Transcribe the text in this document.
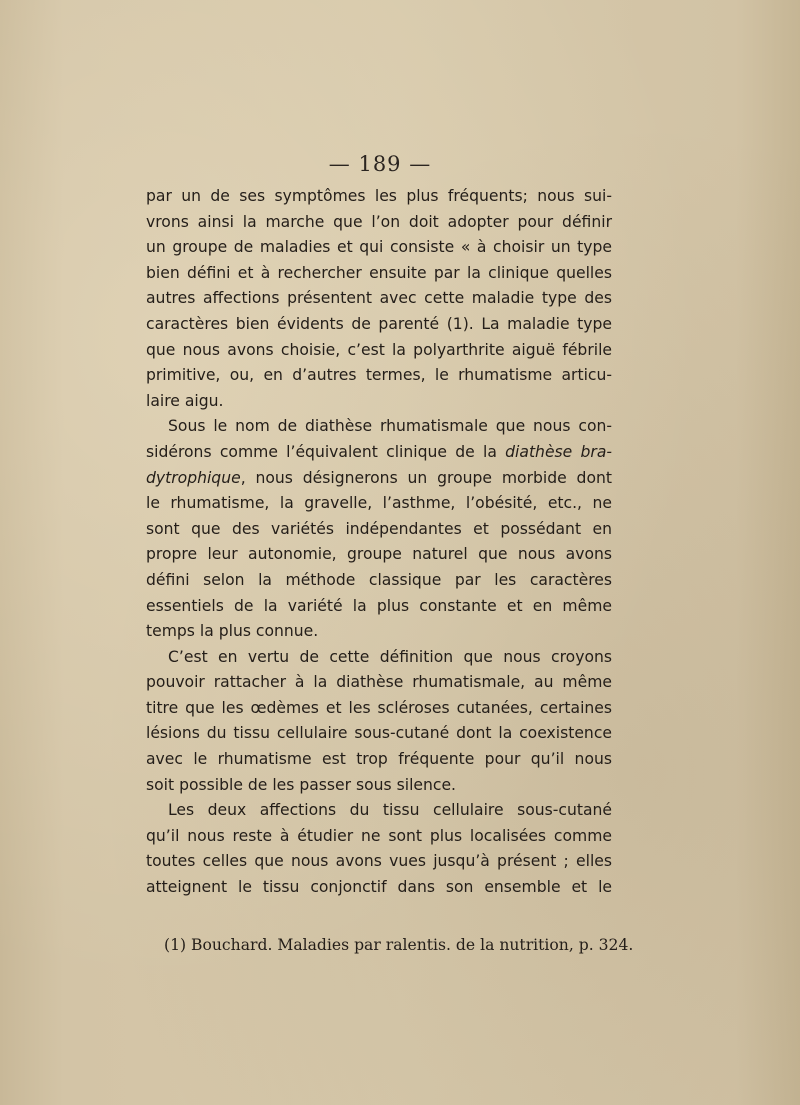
— 189 —
par un de ses symptômes les plus fréquents; nous sui-
vrons ainsi la marche que l’on doit adopter pour définir
un groupe de maladies et qui consiste « à choisir un type
bien défini et à rechercher ensuite par la clinique quelles
autres affections présentent avec cette maladie type des
caractères bien évidents de parenté (1). La maladie type
que nous avons choisie, c’est la polyarthrite aiguë fébrile
primitive, ou, en d’autres termes, le rhumatisme articu-
laire aigu.
Sous le nom de diathèse rhumatismale que nous con-
sidérons comme l’équivalent clinique de la diathèse bra-
dytrophique, nous désignerons un groupe morbide dont
le rhumatisme, la gravelle, l’asthme, l’obésité, etc., ne
sont que des variétés indépendantes et possédant en
propre leur autonomie, groupe naturel que nous avons
défini selon la méthode classique par les caractères
essentiels de la variété la plus constante et en même
temps la plus connue.
C’est en vertu de cette définition que nous croyons
pouvoir rattacher à la diathèse rhumatismale, au même
titre que les œdèmes et les scléroses cutanées, certaines
lésions du tissu cellulaire sous-cutané dont la coexistence
avec le rhumatisme est trop fréquente pour qu’il nous
soit possible de les passer sous silence.
Les deux affections du tissu cellulaire sous-cutané
qu’il nous reste à étudier ne sont plus localisées comme
toutes celles que nous avons vues jusqu’à présent ; elles
atteignent le tissu conjonctif dans son ensemble et le
(1) Bouchard. Maladies par ralentis. de la nutrition, p. 324.
